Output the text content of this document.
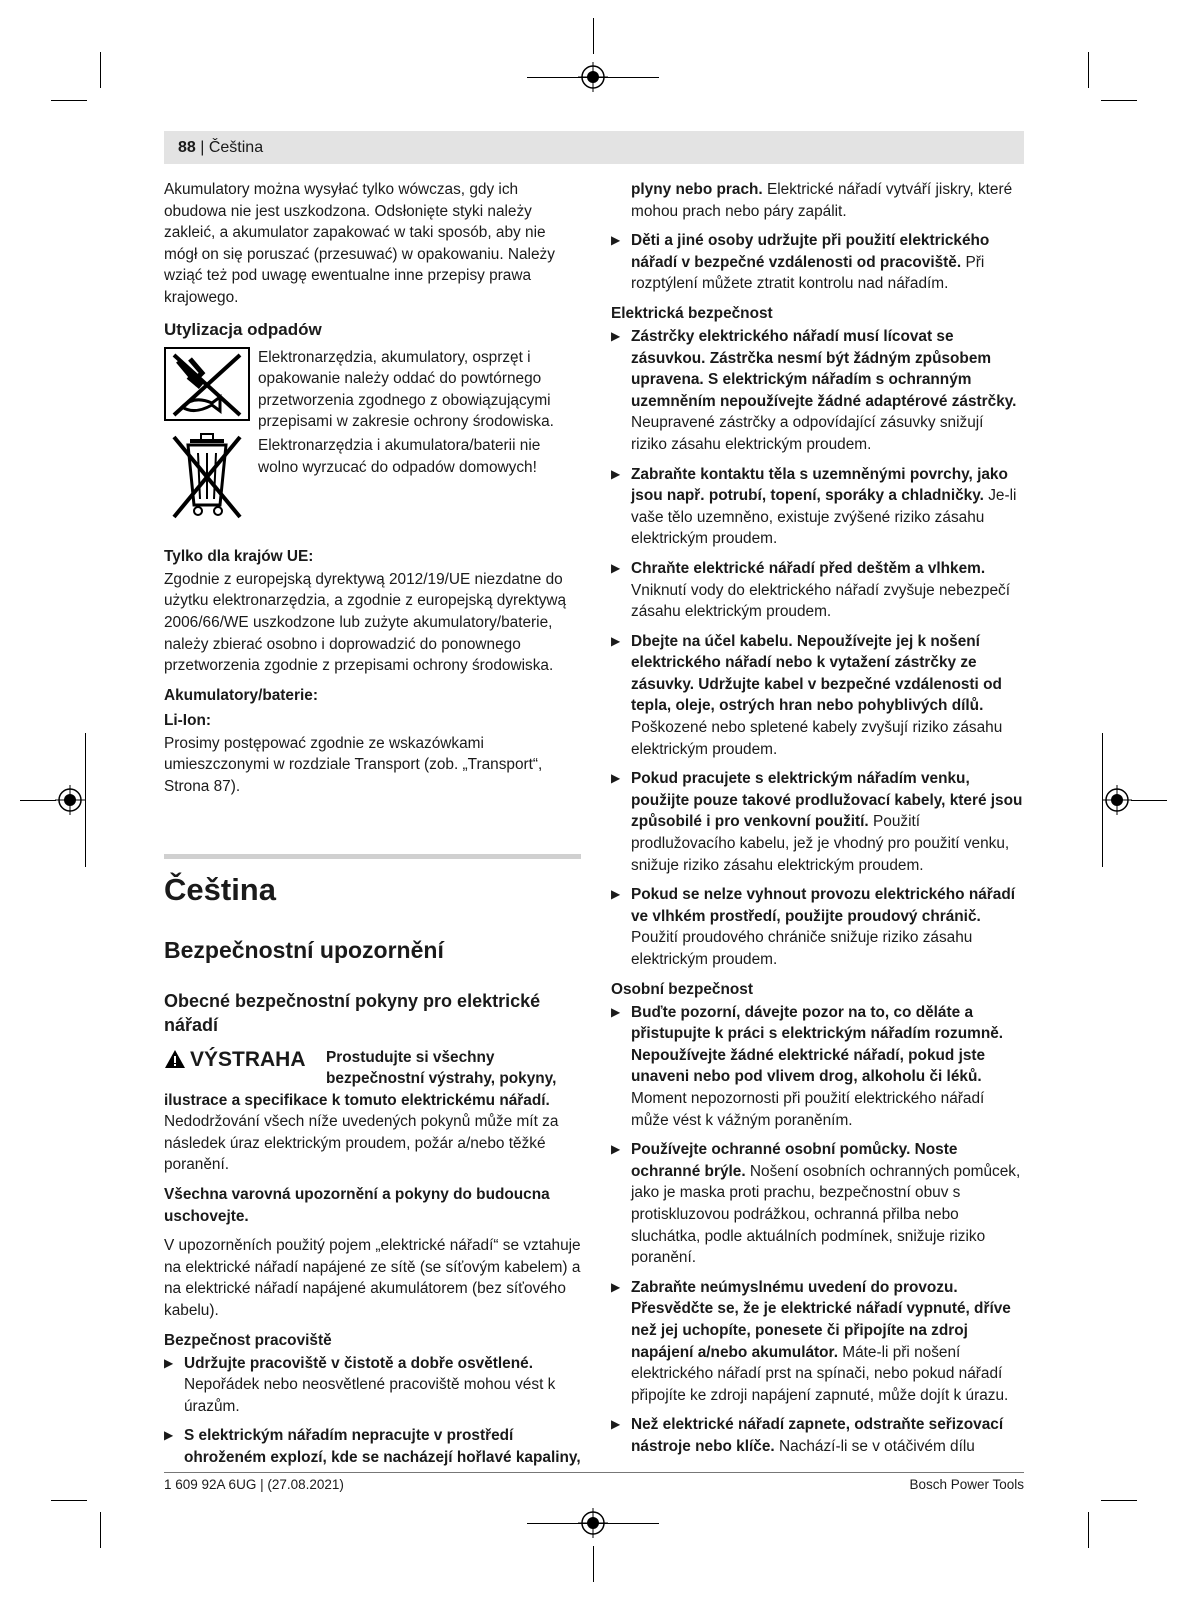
88 | Čeština

Akumulatory można wysyłać tylko wówczas, gdy ich obudowa nie jest uszkodzona. Odsłonięte styki należy zakleić, a akumulator zapakować w taki sposób, aby nie mógł on się poruszać (przesuwać) w opakowaniu. Należy wziąć też pod uwagę ewentualne inne przepisy prawa krajowego.

Utylizacja odpadów

Elektronarzędzia, akumulatory, osprzęt i opakowanie należy oddać do powtórnego przetworzenia zgodnego z obowiązującymi przepisami w zakresie ochrony środowiska.

Elektronarzędzia i akumulatora/baterii nie wolno wyrzucać do odpadów domowych!

Tylko dla krajów UE:

Zgodnie z europejską dyrektywą 2012/19/UE niezdatne do użytku elektronarzędzia, a zgodnie z europejską dyrektywą 2006/66/WE uszkodzone lub zużyte akumulatory/baterie, należy zbierać osobno i doprowadzić do ponownego przetworzenia zgodnie z przepisami ochrony środowiska.

Akumulatory/baterie:
Li-Ion:

Prosimy postępować zgodnie ze wskazówkami umieszczonymi w rozdziale Transport (zob. „Transport“, Strona 87).

Čeština
Bezpečnostní upozornění
Obecné bezpečnostní pokyny pro elektrické nářadí
VÝSTRAHA Prostudujte si všechny bezpečnostní výstrahy, pokyny,
ilustrace a specifikace k tomuto elektrickému nářadí.

Nedodržování všech níže uvedených pokynů může mít za následek úraz elektrickým proudem, požár a/nebo těžké poranění.

Všechna varovná upozornění a pokyny do budoucna uschovejte.

V upozorněních použitý pojem „elektrické nářadí“ se vztahuje na elektrické nářadí napájené ze sítě (se síťovým kabelem) a na elektrické nářadí napájené akumulátorem (bez síťového kabelu).

Bezpečnost pracoviště
▶ Udržujte pracoviště v čistotě a dobře osvětlené. Nepořádek nebo neosvětlené pracoviště mohou vést k úrazům.
▶ S elektrickým nářadím nepracujte v prostředí ohroženém explozí, kde se nacházejí hořlavé kapaliny,

plyny nebo prach. Elektrické nářadí vytváří jiskry, které mohou prach nebo páry zapálit.

▶ Děti a jiné osoby udržujte při použití elektrického nářadí v bezpečné vzdálenosti od pracoviště. Při rozptýlení můžete ztratit kontrolu nad nářadím.
Elektrická bezpečnost
▶ Zástrčky elektrického nářadí musí lícovat se zásuvkou. Zástrčka nesmí být žádným způsobem upravena. S elektrickým nářadím s ochranným uzemněním nepoužívejte žádné adaptérové zástrčky. Neupravené zástrčky a odpovídající zásuvky snižují riziko zásahu elektrickým proudem.
▶ Zabraňte kontaktu těla s uzemněnými povrchy, jako jsou např. potrubí, topení, sporáky a chladničky. Je-li vaše tělo uzemněno, existuje zvýšené riziko zásahu elektrickým proudem.
▶ Chraňte elektrické nářadí před deštěm a vlhkem. Vniknutí vody do elektrického nářadí zvyšuje nebezpečí zásahu elektrickým proudem.
▶ Dbejte na účel kabelu. Nepoužívejte jej k nošení elektrického nářadí nebo k vytažení zástrčky ze zásuvky. Udržujte kabel v bezpečné vzdálenosti od tepla, oleje, ostrých hran nebo pohyblivých dílů. Poškozené nebo spletené kabely zvyšují riziko zásahu elektrickým proudem.
▶ Pokud pracujete s elektrickým nářadím venku, použijte pouze takové prodlužovací kabely, které jsou způsobilé i pro venkovní použití. Použití prodlužovacího kabelu, jež je vhodný pro použití venku, snižuje riziko zásahu elektrickým proudem.
▶ Pokud se nelze vyhnout provozu elektrického nářadí ve vlhkém prostředí, použijte proudový chránič. Použití proudového chrániče snižuje riziko zásahu elektrickým proudem.
Osobní bezpečnost
▶ Buďte pozorní, dávejte pozor na to, co děláte a přistupujte k práci s elektrickým nářadím rozumně. Nepoužívejte žádné elektrické nářadí, pokud jste unaveni nebo pod vlivem drog, alkoholu či léků. Moment nepozornosti při použití elektrického nářadí může vést k vážným poraněním.
▶ Používejte ochranné osobní pomůcky. Noste ochranné brýle. Nošení osobních ochranných pomůcek, jako je maska proti prachu, bezpečnostní obuv s protiskluzovou podrážkou, ochranná přilba nebo sluchátka, podle aktuálních podmínek, snižuje riziko poranění.
▶ Zabraňte neúmyslnému uvedení do provozu. Přesvědčte se, že je elektrické nářadí vypnuté, dříve než jej uchopíte, ponesete či připojíte na zdroj napájení a/nebo akumulátor. Máte-li při nošení elektrického nářadí prst na spínači, nebo pokud nářadí připojíte ke zdroji napájení zapnuté, může dojít k úrazu.
▶ Než elektrické nářadí zapnete, odstraňte seřizovací nástroje nebo klíče. Nachází-li se v otáčivém dílu
1 609 92A 6UG | (27.08.2021)	Bosch Power Tools
